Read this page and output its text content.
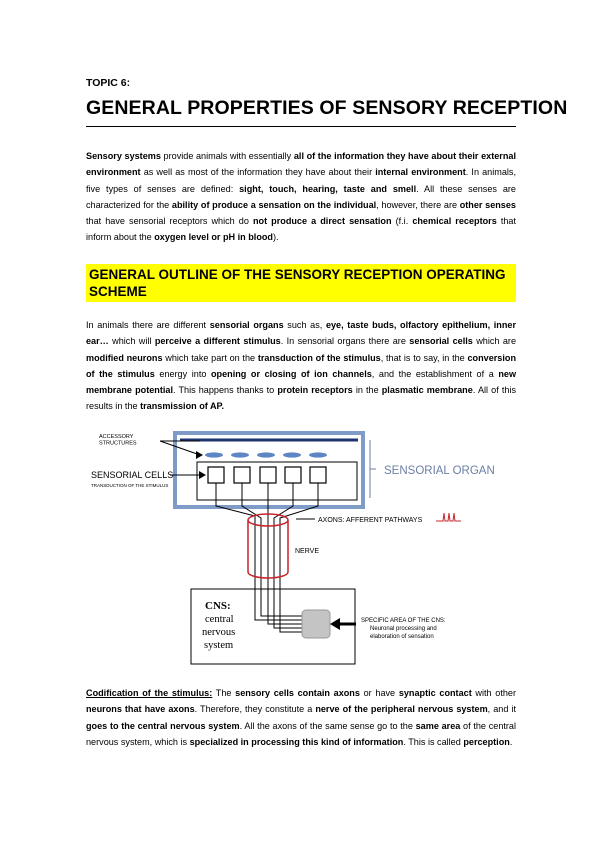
TOPIC 6:

GENERAL PROPERTIES OF SENSORY RECEPTION

Sensory systems provide animals with essentially all of the information they have about their external environment as well as most of the information they have about their internal environment. In animals, five types of senses are defined: sight, touch, hearing, taste and smell. All these senses are characterized for the ability of produce a sensation on the individual, however, there are other senses that have sensorial receptors which do not produce a direct sensation (f.i. chemical receptors that inform about the oxygen level or pH in blood).

GENERAL OUTLINE OF THE SENSORY RECEPTION OPERATING SCHEME

In animals there are different sensorial organs such as, eye, taste buds, olfactory epithelium, inner ear… which will perceive a different stimulus. In sensorial organs there are sensorial cells which are modified neurons which take part on the transduction of the stimulus, that is to say, in the conversion of the stimulus energy into opening or closing of ion channels, and the establishment of a new membrane potential. This happens thanks to protein receptors in the plasmatic membrane. All of this results in the transmission of AP.

ACCESSORY
STRUCTURES
SENSORIAL CELLS
TRANSDUCTION OF THE STIMULUS
SENSORIAL ORGAN
AXONS: AFFERENT PATHWAYS
NERVE
CNS:
central
nervous
system
SPECIFIC AREA OF THE CNS:
Neuronal processing and
elaboration of sensation

Codification of the stimulus: The sensory cells contain axons or have synaptic contact with other neurons that have axons. Therefore, they constitute a nerve of the peripheral nervous system, and it goes to the central nervous system. All the axons of the same sense go to the same area of the central nervous system, which is specialized in processing this kind of information. This is called perception.
